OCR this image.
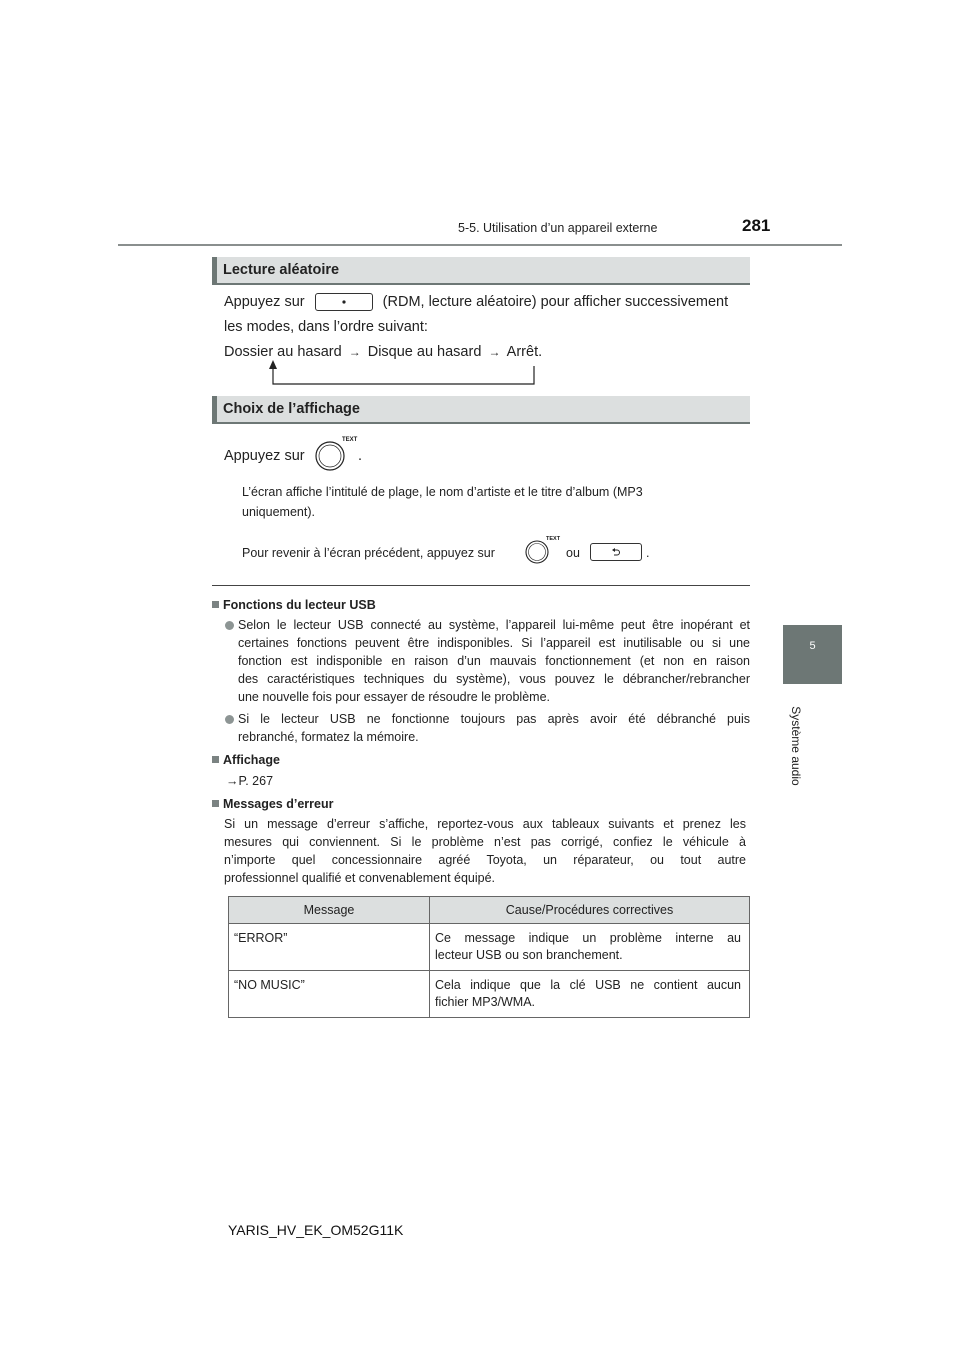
5-5. Utilisation d’un appareil externe	281
5
Système audio
Lecture aléatoire
Appuyez sur	(RDM, lecture aléatoire) pour afficher successivement
les modes, dans l’ordre suivant:
Dossier au hasard → Disque au hasard → Arrêt.
Choix de l’affichage
Appuyez sur
TEXT
.
L’écran affiche l’intitulé de plage, le nom d’artiste et le titre d’album (MP3
uniquement).
Pour revenir à l’écran précédent, appuyez sur
TEXT
ou	.
Fonctions du lecteur USB
Selon le lecteur USB connecté au système, l’appareil lui-même peut être inopérant et
certaines fonctions peuvent être indisponibles. Si l’appareil est inutilisable ou si une
fonction est indisponible en raison d’un mauvais fonctionnement (et non en raison
des caractéristiques techniques du système), vous pouvez le débrancher/rebrancher
une nouvelle fois pour essayer de résoudre le problème.
Si le lecteur USB ne fonctionne toujours pas après avoir été débranché puis
rebranché, formatez la mémoire.
Affichage
→P. 267
Messages d’erreur
Si un message d’erreur s’affiche, reportez-vous aux tableaux suivants et prenez les
mesures qui conviennent. Si le problème n’est pas corrigé, confiez le véhicule à
n’importe quel concessionnaire agréé Toyota, un réparateur, ou tout autre
professionnel qualifié et convenablement équipé.
Message	Cause/Procédures correctives

“ERROR”	Ce message indique un problème interne au
lecteur USB ou son branchement.

“NO MUSIC”	Cela indique que la clé USB ne contient aucun
fichier MP3/WMA.
YARIS_HV_EK_OM52G11K
